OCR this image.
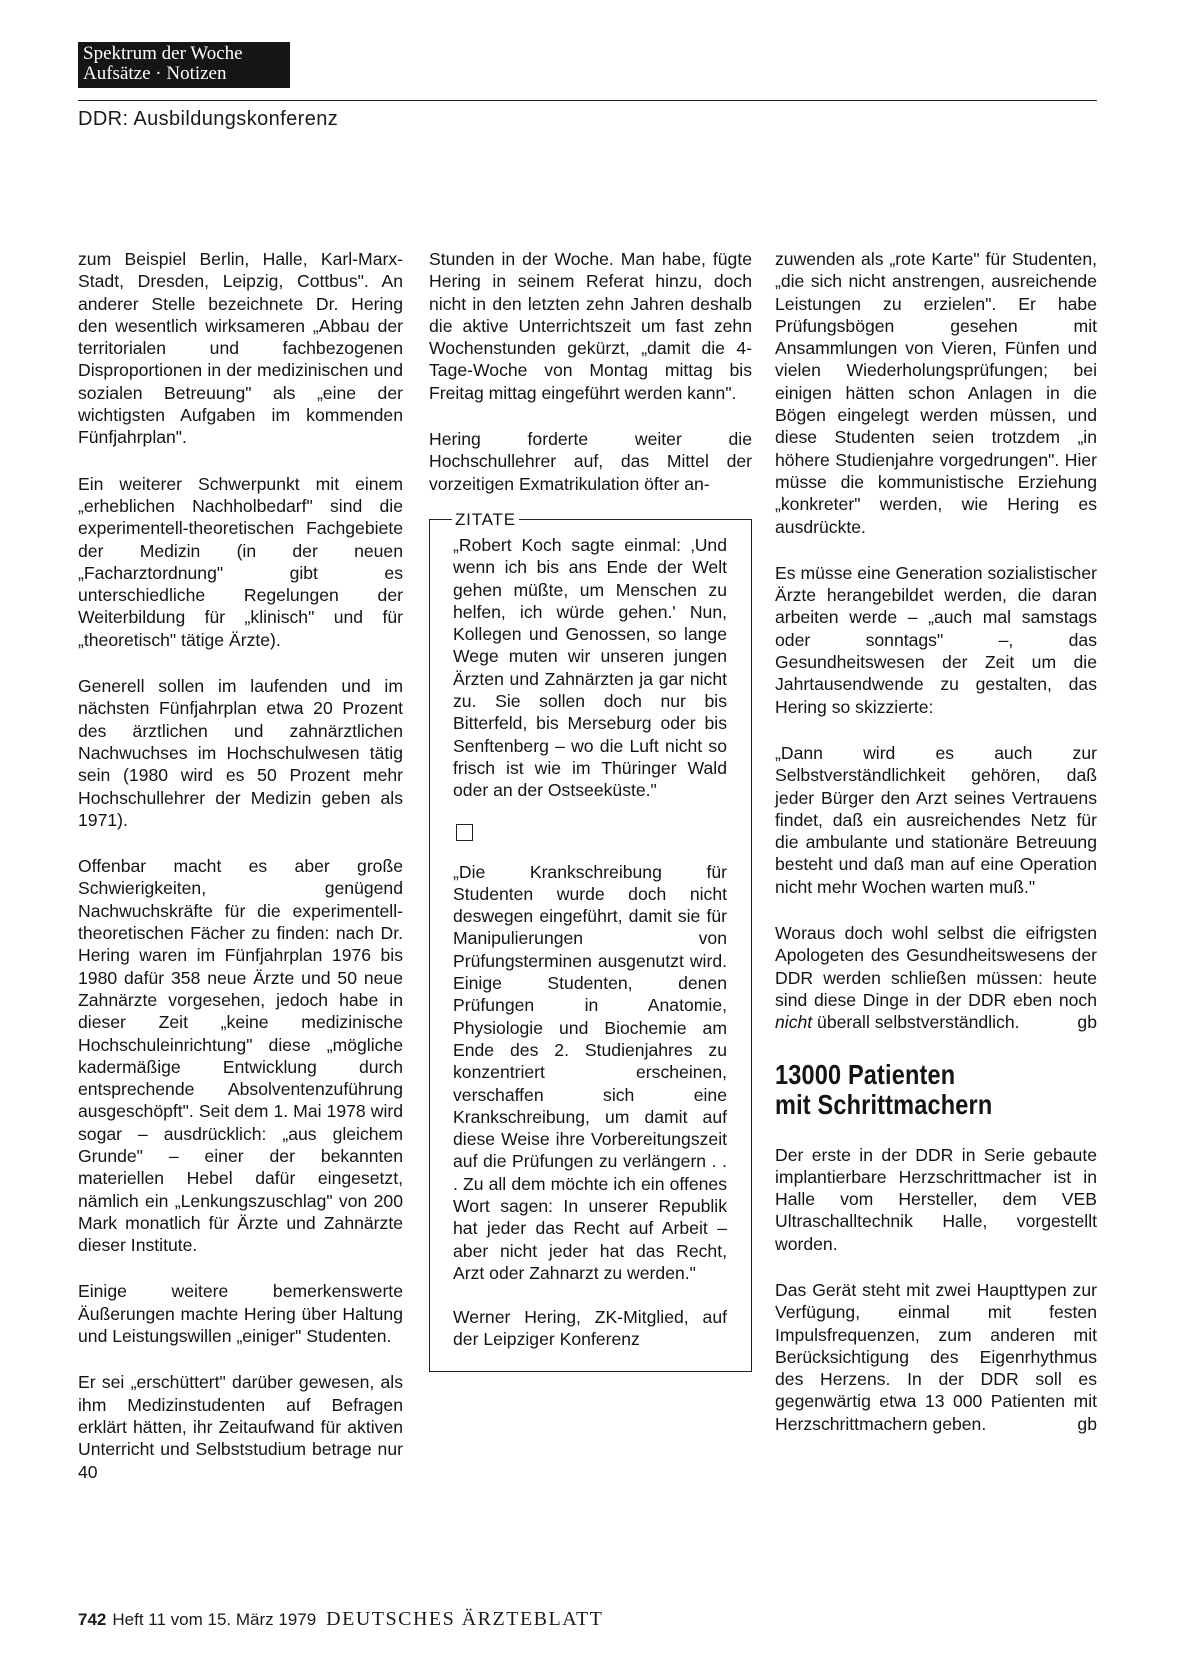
Spektrum der Woche
Aufsätze · Notizen
DDR: Ausbildungskonferenz

zum Beispiel Berlin, Halle, Karl-Marx-Stadt, Dresden, Leipzig, Cottbus". An anderer Stelle bezeichnete Dr. Hering den wesentlich wirksameren „Abbau der territorialen und fachbezogenen Disproportionen in der medizinischen und sozialen Betreuung" als „eine der wichtigsten Aufgaben im kommenden Fünfjahrplan".

Ein weiterer Schwerpunkt mit einem „erheblichen Nachholbedarf" sind die experimentell-theoretischen Fachgebiete der Medizin (in der neuen „Facharztordnung" gibt es unterschiedliche Regelungen der Weiterbildung für „klinisch" und für „theoretisch" tätige Ärzte).

Generell sollen im laufenden und im nächsten Fünfjahrplan etwa 20 Prozent des ärztlichen und zahnärztlichen Nachwuchses im Hochschulwesen tätig sein (1980 wird es 50 Prozent mehr Hochschullehrer der Medizin geben als 1971).

Offenbar macht es aber große Schwierigkeiten, genügend Nachwuchskräfte für die experimentell-theoretischen Fächer zu finden: nach Dr. Hering waren im Fünfjahrplan 1976 bis 1980 dafür 358 neue Ärzte und 50 neue Zahnärzte vorgesehen, jedoch habe in dieser Zeit „keine medizinische Hochschuleinrichtung" diese „mögliche kadermäßige Entwicklung durch entsprechende Absolventenzuführung ausgeschöpft". Seit dem 1. Mai 1978 wird sogar – ausdrücklich: „aus gleichem Grunde" – einer der bekannten materiellen Hebel dafür eingesetzt, nämlich ein „Lenkungszuschlag" von 200 Mark monatlich für Ärzte und Zahnärzte dieser Institute.

Einige weitere bemerkenswerte Äußerungen machte Hering über Haltung und Leistungswillen „einiger" Studenten.

Er sei „erschüttert" darüber gewesen, als ihm Medizinstudenten auf Befragen erklärt hätten, ihr Zeitaufwand für aktiven Unterricht und Selbststudium betrage nur 40

Stunden in der Woche. Man habe, fügte Hering in seinem Referat hinzu, doch nicht in den letzten zehn Jahren deshalb die aktive Unterrichtszeit um fast zehn Wochenstunden gekürzt, „damit die 4-Tage-Woche von Montag mittag bis Freitag mittag eingeführt werden kann".

Hering forderte weiter die Hochschullehrer auf, das Mittel der vorzeitigen Exmatrikulation öfter an-

ZITATE

„Robert Koch sagte einmal: ‚Und wenn ich bis ans Ende der Welt gehen müßte, um Menschen zu helfen, ich würde gehen.' Nun, Kollegen und Genossen, so lange Wege muten wir unseren jungen Ärzten und Zahnärzten ja gar nicht zu. Sie sollen doch nur bis Bitterfeld, bis Merseburg oder bis Senftenberg – wo die Luft nicht so frisch ist wie im Thüringer Wald oder an der Ostseeküste."

„Die Krankschreibung für Studenten wurde doch nicht deswegen eingeführt, damit sie für Manipulierungen von Prüfungsterminen ausgenutzt wird. Einige Studenten, denen Prüfungen in Anatomie, Physiologie und Biochemie am Ende des 2. Studienjahres zu konzentriert erscheinen, verschaffen sich eine Krankschreibung, um damit auf diese Weise ihre Vorbereitungszeit auf die Prüfungen zu verlängern . . . Zu all dem möchte ich ein offenes Wort sagen: In unserer Republik hat jeder das Recht auf Arbeit – aber nicht jeder hat das Recht, Arzt oder Zahnarzt zu werden."

Werner Hering, ZK-Mitglied, auf der Leipziger Konferenz

zuwenden als „rote Karte" für Studenten, „die sich nicht anstrengen, ausreichende Leistungen zu erzielen". Er habe Prüfungsbögen gesehen mit Ansammlungen von Vieren, Fünfen und vielen Wiederholungsprüfungen; bei einigen hätten schon Anlagen in die Bögen eingelegt werden müssen, und diese Studenten seien trotzdem „in höhere Studienjahre vorgedrungen". Hier müsse die kommunistische Erziehung „konkreter" werden, wie Hering es ausdrückte.

Es müsse eine Generation sozialistischer Ärzte herangebildet werden, die daran arbeiten werde – „auch mal samstags oder sonntags" –, das Gesundheitswesen der Zeit um die Jahrtausendwende zu gestalten, das Hering so skizzierte:

„Dann wird es auch zur Selbstverständlichkeit gehören, daß jeder Bürger den Arzt seines Vertrauens findet, daß ein ausreichendes Netz für die ambulante und stationäre Betreuung besteht und daß man auf eine Operation nicht mehr Wochen warten muß."

Woraus doch wohl selbst die eifrigsten Apologeten des Gesundheitswesens der DDR werden schließen müssen: heute sind diese Dinge in der DDR eben noch nicht überall selbstverständlich.	gb

13000 Patienten
mit Schrittmachern

Der erste in der DDR in Serie gebaute implantierbare Herzschrittmacher ist in Halle vom Hersteller, dem VEB Ultraschalltechnik Halle, vorgestellt worden.

Das Gerät steht mit zwei Haupttypen zur Verfügung, einmal mit festen Impulsfrequenzen, zum anderen mit Berücksichtigung des Eigenrhythmus des Herzens. In der DDR soll es gegenwärtig etwa 13 000 Patienten mit Herzschrittmachern geben.	gb

742 Heft 11 vom 15. März 1979 DEUTSCHES ÄRZTEBLATT
